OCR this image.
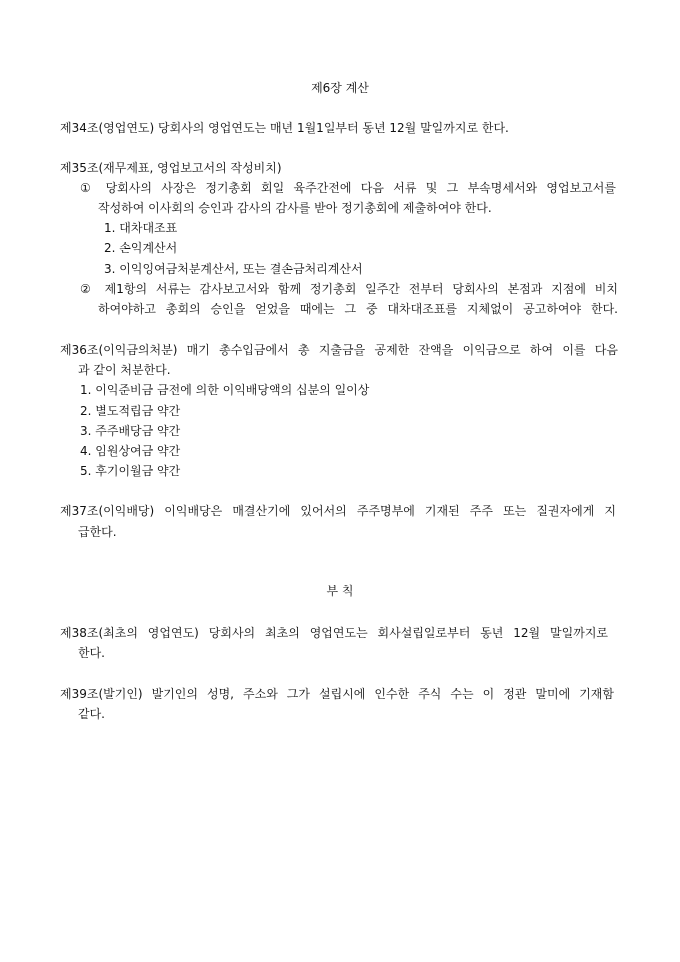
제6장 계산
제34조(영업연도) 당회사의 영업연도는 매년 1월1일부터 동년 12월 말일까지로 한다.
제35조(재무제표, 영업보고서의 작성비치)
① 당회사의 사장은 정기총회 회일 육주간전에 다음 서류 및 그 부속명세서와 영업보고서를
작성하여 이사회의 승인과 감사의 감사를 받아 정기총회에 제출하여야 한다.
1. 대차대조표
2. 손익계산서
3. 이익잉여금처분계산서, 또는 결손금처리계산서
② 제1항의 서류는 감사보고서와 함께 정기총회 일주간 전부터 당회사의 본점과 지점에 비치
하여야하고 총회의 승인을 얻었을 때에는 그 중 대차대조표를 지체없이 공고하여야 한다.
제36조(이익금의처분) 매기 총수입금에서 총 지출금을 공제한 잔액을 이익금으로 하여 이를 다음
과 같이 처분한다.
1. 이익준비금 금전에 의한 이익배당액의 십분의 일이상
2. 별도적립금 약간
3. 주주배당금 약간
4. 임원상여금 약간
5. 후기이월금 약간
제37조(이익배당) 이익배당은 매결산기에 있어서의 주주명부에 기재된 주주 또는 질권자에게 지
급한다.
부 칙
제38조(최초의 영업연도) 당회사의 최초의 영업연도는 회사설립일로부터 동년 12월 말일까지로
한다.
제39조(발기인) 발기인의 성명, 주소와 그가 설립시에 인수한 주식 수는 이 정관 말미에 기재함
같다.
